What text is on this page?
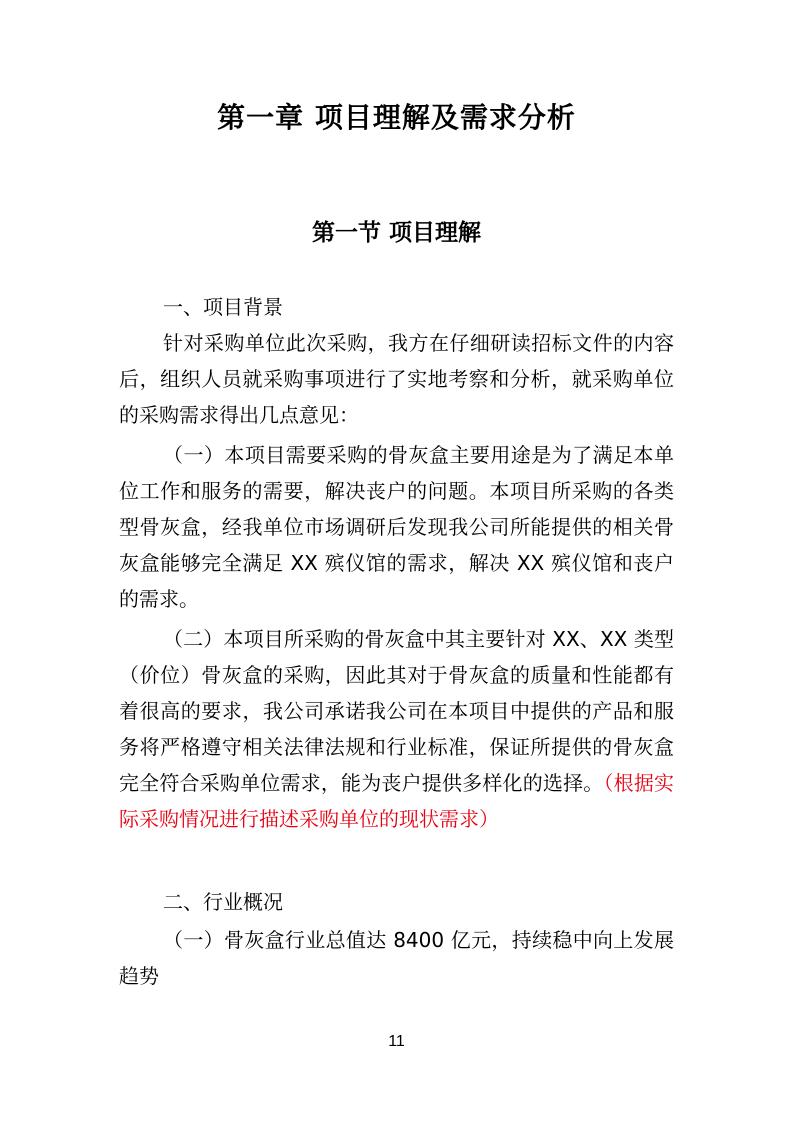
第一章 项目理解及需求分析
第一节 项目理解

一、项目背景

针对采购单位此次采购，我方在仔细研读招标文件的内容后，组织人员就采购事项进行了实地考察和分析，就采购单位的采购需求得出几点意见：

（一）本项目需要采购的骨灰盒主要用途是为了满足本单位工作和服务的需要，解决丧户的问题。本项目所采购的各类型骨灰盒，经我单位市场调研后发现我公司所能提供的相关骨灰盒能够完全满足 XX 殡仪馆的需求，解决 XX 殡仪馆和丧户的需求。

（二）本项目所采购的骨灰盒中其主要针对 XX、XX 类型（价位）骨灰盒的采购，因此其对于骨灰盒的质量和性能都有着很高的要求，我公司承诺我公司在本项目中提供的产品和服务将严格遵守相关法律法规和行业标准，保证所提供的骨灰盒完全符合采购单位需求，能为丧户提供多样化的选择。（根据实际采购情况进行描述采购单位的现状需求）

二、行业概况

（一）骨灰盒行业总值达 8400 亿元，持续稳中向上发展趋势

11
